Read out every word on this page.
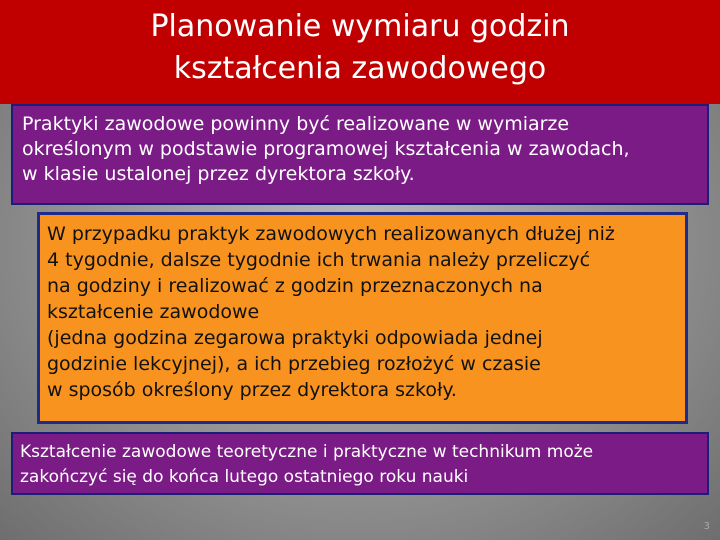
Planowanie wymiaru godzin kształcenia zawodowego

Praktyki zawodowe powinny być realizowane w wymiarze
określonym w podstawie programowej kształcenia w zawodach,
w klasie ustalonej przez dyrektora szkoły.

W przypadku praktyk zawodowych realizowanych dłużej niż
4 tygodnie, dalsze tygodnie ich trwania należy przeliczyć
na godziny i realizować z godzin przeznaczonych na
kształcenie zawodowe
(jedna godzina zegarowa praktyki odpowiada jednej
godzinie lekcyjnej), a ich przebieg rozłożyć w czasie
w sposób określony przez dyrektora szkoły.

Kształcenie zawodowe teoretyczne i praktyczne w technikum może
zakończyć się do końca lutego ostatniego roku nauki

3
